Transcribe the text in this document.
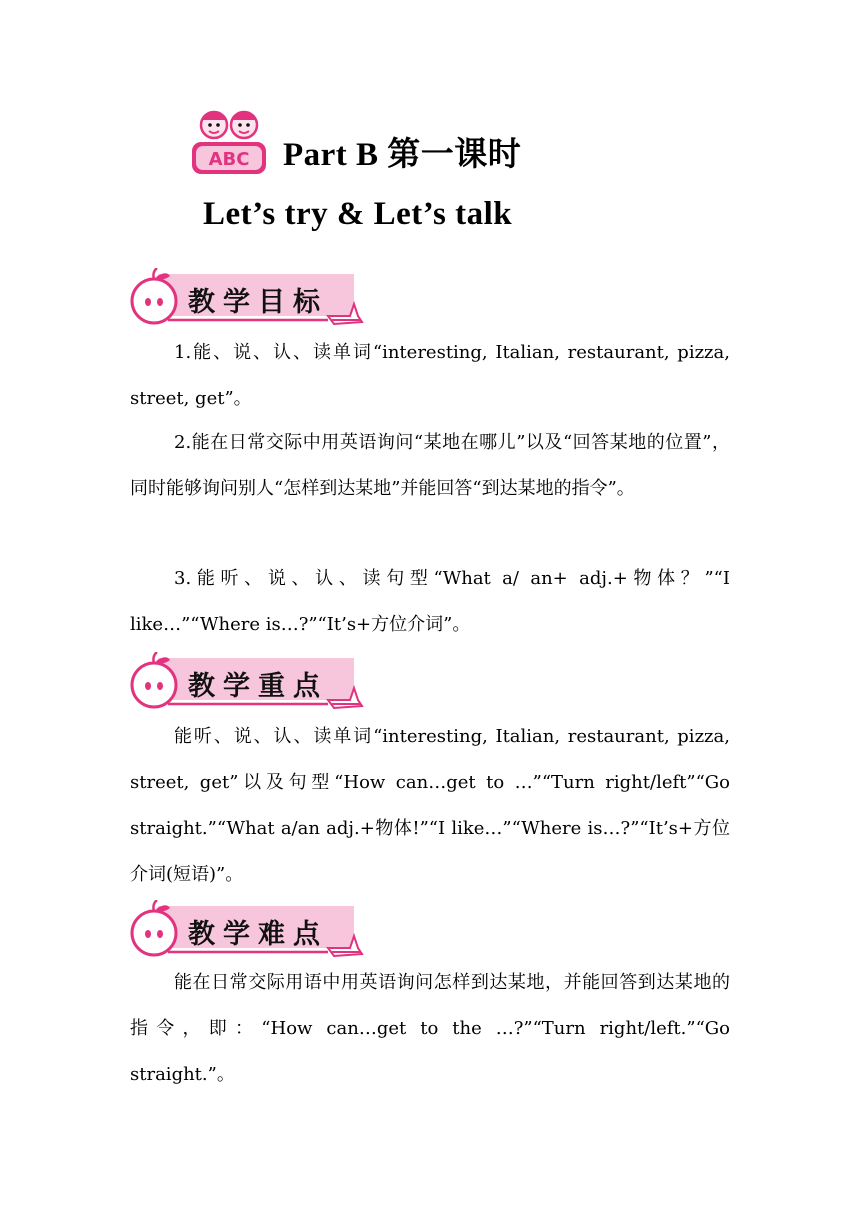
ABC Part B 第一课时
Let’s try & Let’s talk
教学目标

1.能、说、认、读单词“interesting, Italian, restaurant, pizza, street, get”。

2.能在日常交际中用英语询问“某地在哪儿”以及“回答某地的位置”，同时能够询问别人“怎样到达某地”并能回答“到达某地的指令”。

3.能听、说、认、读句型“What a/ an+ adj.+物体？”“I like…”“Where is…?”“It’s+方位介词”。

教学重点

能听、说、认、读单词“interesting, Italian, restaurant, pizza, street, get”以及句型“How can…get to …”“Turn right/left”“Go straight.”“What a/an adj.+物体!”“I like…”“Where is…?”“It’s+方位介词(短语)”。

教学难点

能在日常交际用语中用英语询问怎样到达某地，并能回答到达某地的指令，即：“How can…get to the …?”“Turn right/left.”“Go straight.”。
